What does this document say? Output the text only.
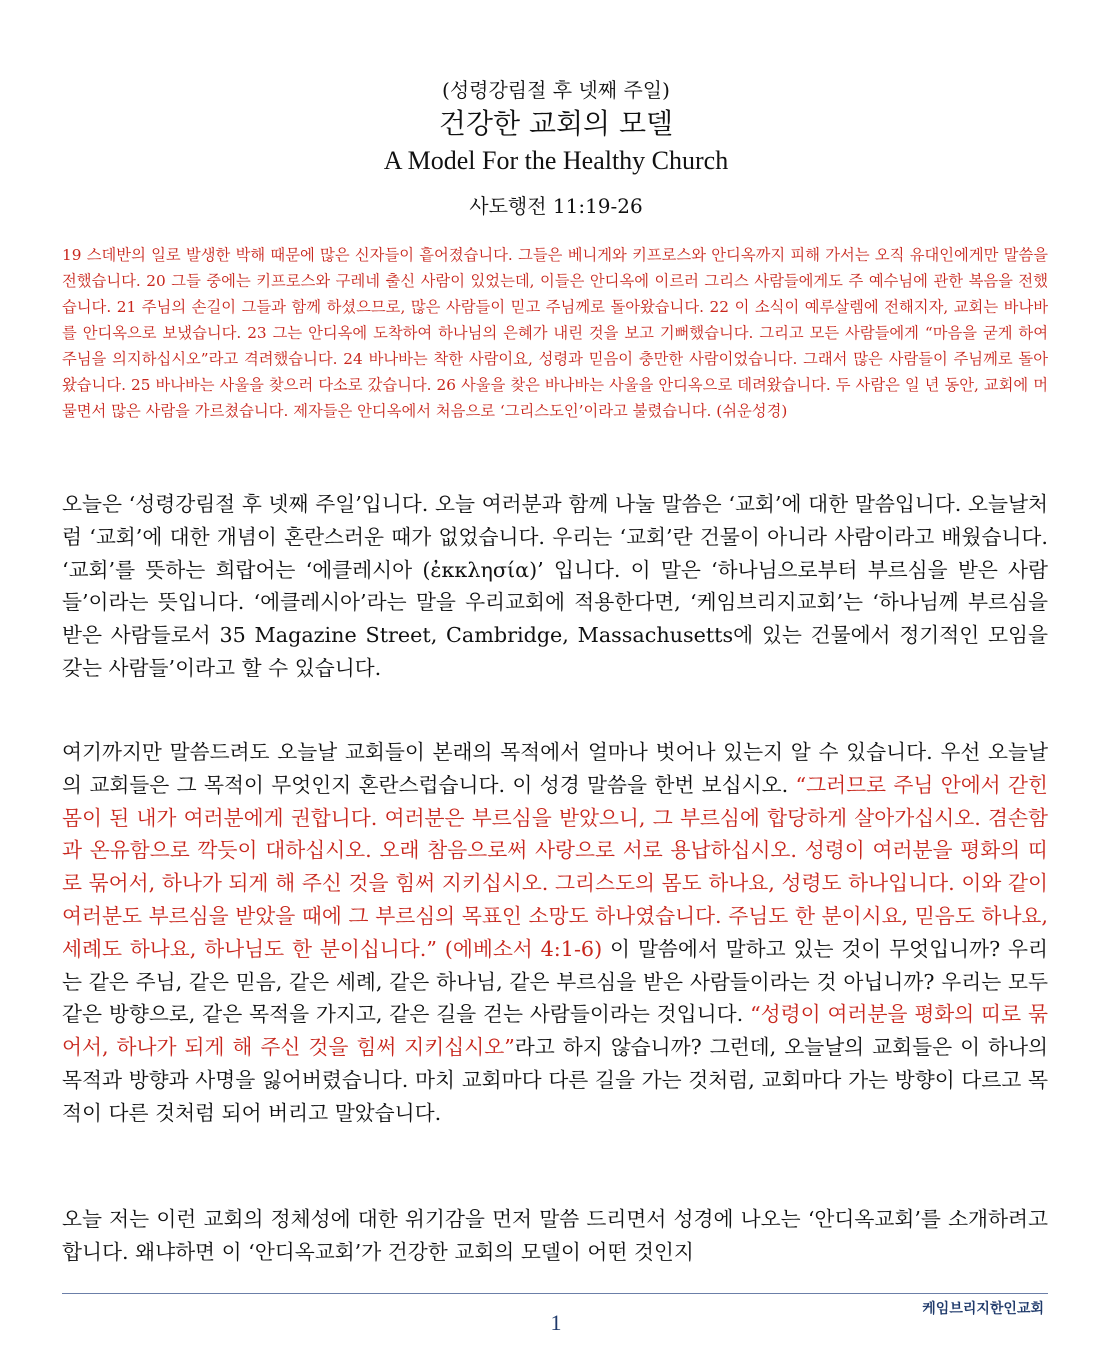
(성령강림절 후 넷째 주일)

건강한 교회의 모델

A Model For the Healthy Church

사도행전 11:19-26

19 스데반의 일로 발생한 박해 때문에 많은 신자들이 흩어졌습니다. 그들은 베니게와 키프로스와 안디옥까지 피해 가서는 오직 유대인에게만 말씀을 전했습니다. 20 그들 중에는 키프로스와 구레네 출신 사람이 있었는데, 이들은 안디옥에 이르러 그리스 사람들에게도 주 예수님에 관한 복음을 전했습니다. 21 주님의 손길이 그들과 함께 하셨으므로, 많은 사람들이 믿고 주님께로 돌아왔습니다. 22 이 소식이 예루살렘에 전해지자, 교회는 바나바를 안디옥으로 보냈습니다. 23 그는 안디옥에 도착하여 하나님의 은혜가 내린 것을 보고 기뻐했습니다. 그리고 모든 사람들에게 “마음을 굳게 하여 주님을 의지하십시오”라고 격려했습니다. 24 바나바는 착한 사람이요, 성령과 믿음이 충만한 사람이었습니다. 그래서 많은 사람들이 주님께로 돌아왔습니다. 25 바나바는 사울을 찾으러 다소로 갔습니다. 26 사울을 찾은 바나바는 사울을 안디옥으로 데려왔습니다. 두 사람은 일 년 동안, 교회에 머물면서 많은 사람을 가르쳤습니다. 제자들은 안디옥에서 처음으로 ‘그리스도인’이라고 불렸습니다. (쉬운성경)

오늘은 ‘성령강림절 후 넷째 주일’입니다. 오늘 여러분과 함께 나눌 말씀은 ‘교회’에 대한 말씀입니다. 오늘날처럼 ‘교회’에 대한 개념이 혼란스러운 때가 없었습니다. 우리는 ‘교회’란 건물이 아니라 사람이라고 배웠습니다. ‘교회’를 뜻하는 희랍어는 ‘에클레시아 (ἐκκλησία)’ 입니다. 이 말은 ‘하나님으로부터 부르심을 받은 사람들’이라는 뜻입니다. ‘에클레시아’라는 말을 우리교회에 적용한다면, ‘케임브리지교회’는 ‘하나님께 부르심을 받은 사람들로서 35 Magazine Street, Cambridge, Massachusetts에 있는 건물에서 정기적인 모임을 갖는 사람들’이라고 할 수 있습니다.

여기까지만 말씀드려도 오늘날 교회들이 본래의 목적에서 얼마나 벗어나 있는지 알 수 있습니다. 우선 오늘날의 교회들은 그 목적이 무엇인지 혼란스럽습니다. 이 성경 말씀을 한번 보십시오. “그러므로 주님 안에서 갇힌 몸이 된 내가 여러분에게 권합니다. 여러분은 부르심을 받았으니, 그 부르심에 합당하게 살아가십시오. 겸손함과 온유함으로 깍듯이 대하십시오. 오래 참음으로써 사랑으로 서로 용납하십시오. 성령이 여러분을 평화의 띠로 묶어서, 하나가 되게 해 주신 것을 힘써 지키십시오. 그리스도의 몸도 하나요, 성령도 하나입니다. 이와 같이 여러분도 부르심을 받았을 때에 그 부르심의 목표인 소망도 하나였습니다. 주님도 한 분이시요, 믿음도 하나요, 세례도 하나요, 하나님도 한 분이십니다.” (에베소서 4:1-6) 이 말씀에서 말하고 있는 것이 무엇입니까? 우리는 같은 주님, 같은 믿음, 같은 세례, 같은 하나님, 같은 부르심을 받은 사람들이라는 것 아닙니까? 우리는 모두 같은 방향으로, 같은 목적을 가지고, 같은 길을 걷는 사람들이라는 것입니다. “성령이 여러분을 평화의 띠로 묶어서, 하나가 되게 해 주신 것을 힘써 지키십시오”라고 하지 않습니까? 그런데, 오늘날의 교회들은 이 하나의 목적과 방향과 사명을 잃어버렸습니다. 마치 교회마다 다른 길을 가는 것처럼, 교회마다 가는 방향이 다르고 목적이 다른 것처럼 되어 버리고 말았습니다.

오늘 저는 이런 교회의 정체성에 대한 위기감을 먼저 말씀 드리면서 성경에 나오는 ‘안디옥교회’를 소개하려고 합니다. 왜냐하면 이 ‘안디옥교회’가 건강한 교회의 모델이 어떤 것인지

케임브리지한인교회
1
